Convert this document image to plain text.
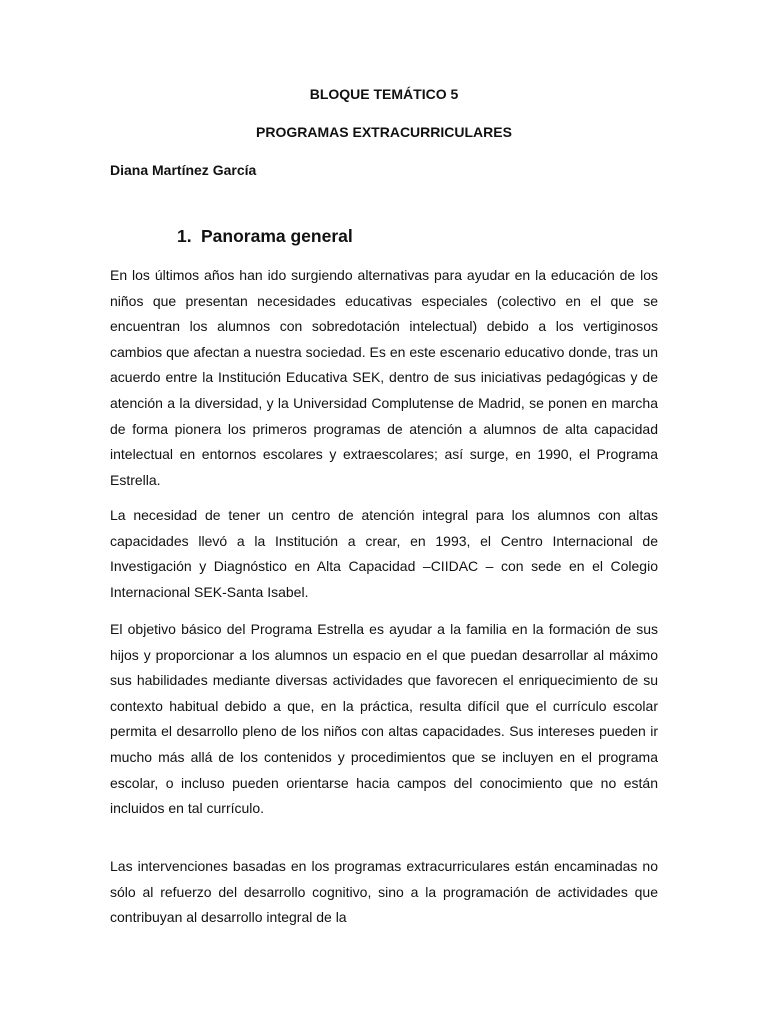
BLOQUE TEMÁTICO 5
PROGRAMAS EXTRACURRICULARES
Diana Martínez García
1. Panorama general

En los últimos años han ido surgiendo alternativas para ayudar en la educación de los niños que presentan necesidades educativas especiales (colectivo en el que se encuentran los alumnos con sobredotación intelectual) debido a los vertiginosos cambios que afectan a nuestra sociedad. Es en este escenario educativo donde, tras un acuerdo entre la Institución Educativa SEK, dentro de sus iniciativas pedagógicas y de atención a la diversidad, y la Universidad Complutense de Madrid, se ponen en marcha de forma pionera los primeros programas de atención a alumnos de alta capacidad intelectual en entornos escolares y extraescolares; así surge, en 1990, el Programa Estrella.

La necesidad de tener un centro de atención integral para los alumnos con altas capacidades llevó a la Institución a crear, en 1993, el Centro Internacional de Investigación y Diagnóstico en Alta Capacidad –CIIDAC – con sede en el Colegio Internacional SEK-Santa Isabel.

El objetivo básico del Programa Estrella es ayudar a la familia en la formación de sus hijos y proporcionar a los alumnos un espacio en el que puedan desarrollar al máximo sus habilidades mediante diversas actividades que favorecen el enriquecimiento de su contexto habitual debido a que, en la práctica, resulta difícil que el currículo escolar permita el desarrollo pleno de los niños con altas capacidades. Sus intereses pueden ir mucho más allá de los contenidos y procedimientos que se incluyen en el programa escolar, o incluso pueden orientarse hacia campos del conocimiento que no están incluidos en tal currículo.

Las intervenciones basadas en los programas extracurriculares están encaminadas no sólo al refuerzo del desarrollo cognitivo, sino a la programación de actividades que contribuyan al desarrollo integral de la
